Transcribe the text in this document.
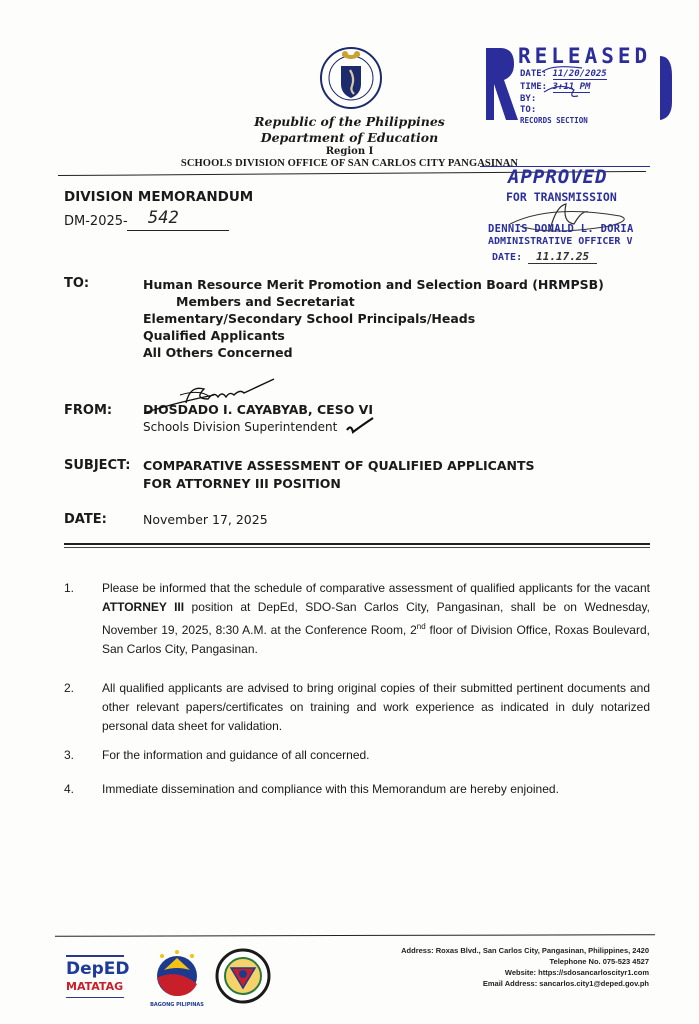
Republic of the Philippines
Department of Education
Region I
SCHOOLS DIVISION OFFICE OF SAN CARLOS CITY PANGASINAN
RELEASED
DATE: 11/20/2025
TIME: 3:11 PM
BY:
TO:
RECORDS SECTION
APPROVED
FOR TRANSMISSION
DENNIS DONALD L. DORIA
ADMINISTRATIVE OFFICER V
DATE: 11.17.25
DIVISION MEMORANDUM
DM-2025- 542
TO:	Human Resource Merit Promotion and Selection Board (HRMPSB)
Members and Secretariat
Elementary/Secondary School Principals/Heads
Qualified Applicants
All Others Concerned
FROM: DIOSDADO I. CAYABYAB, CESO VI
Schools Division Superintendent
SUBJECT: COMPARATIVE ASSESSMENT OF QUALIFIED APPLICANTS
FOR ATTORNEY III POSITION
DATE:	November 17, 2025
1. Please be informed that the schedule of comparative assessment of qualified applicants for the vacant ATTORNEY III position at DepEd, SDO-San Carlos City, Pangasinan, shall be on Wednesday, November 19, 2025, 8:30 A.M. at the Conference Room, 2nd floor of Division Office, Roxas Boulevard, San Carlos City, Pangasinan.
2. All qualified applicants are advised to bring original copies of their submitted pertinent documents and other relevant papers/certificates on training and work experience as indicated in duly notarized personal data sheet for validation.
3. For the information and guidance of all concerned.
4. Immediate dissemination and compliance with this Memorandum are hereby enjoined.
DepED
MATATAG
BAGONG PILIPINAS
Address: Roxas Blvd., San Carlos City, Pangasinan, Philippines, 2420
Telephone No. 075-523 4527
Website: https://sdosancarloscityr1.com
Email Address: sancarlos.city1@deped.gov.ph
